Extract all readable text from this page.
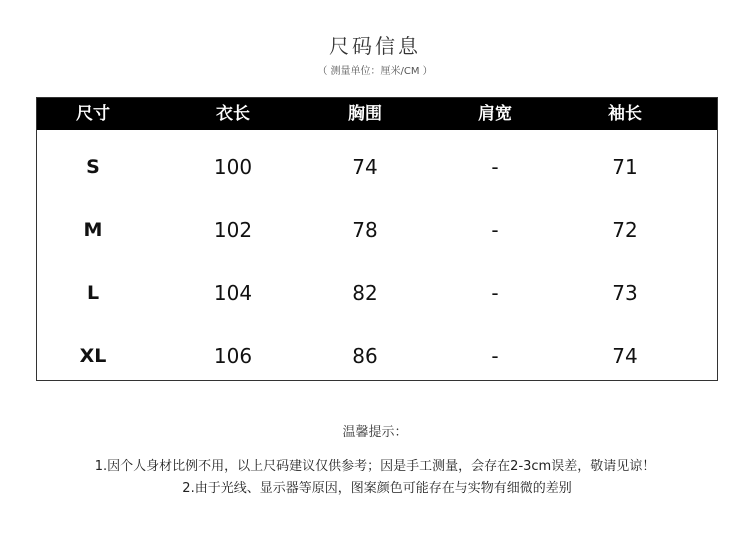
尺码信息
（ 测量单位：厘米/CM ）
尺寸	衣长	胸围	肩宽	袖长
S	100	74	-	71
M	102	78	-	72
L	104	82	-	73
XL	106	86	-	74
温馨提示：
1.因个人身材比例不用，以上尺码建议仅供参考；因是手工测量，会存在2-3cm误差，敬请见谅！
2.由于光线、显示器等原因，图案颜色可能存在与实物有细微的差别
